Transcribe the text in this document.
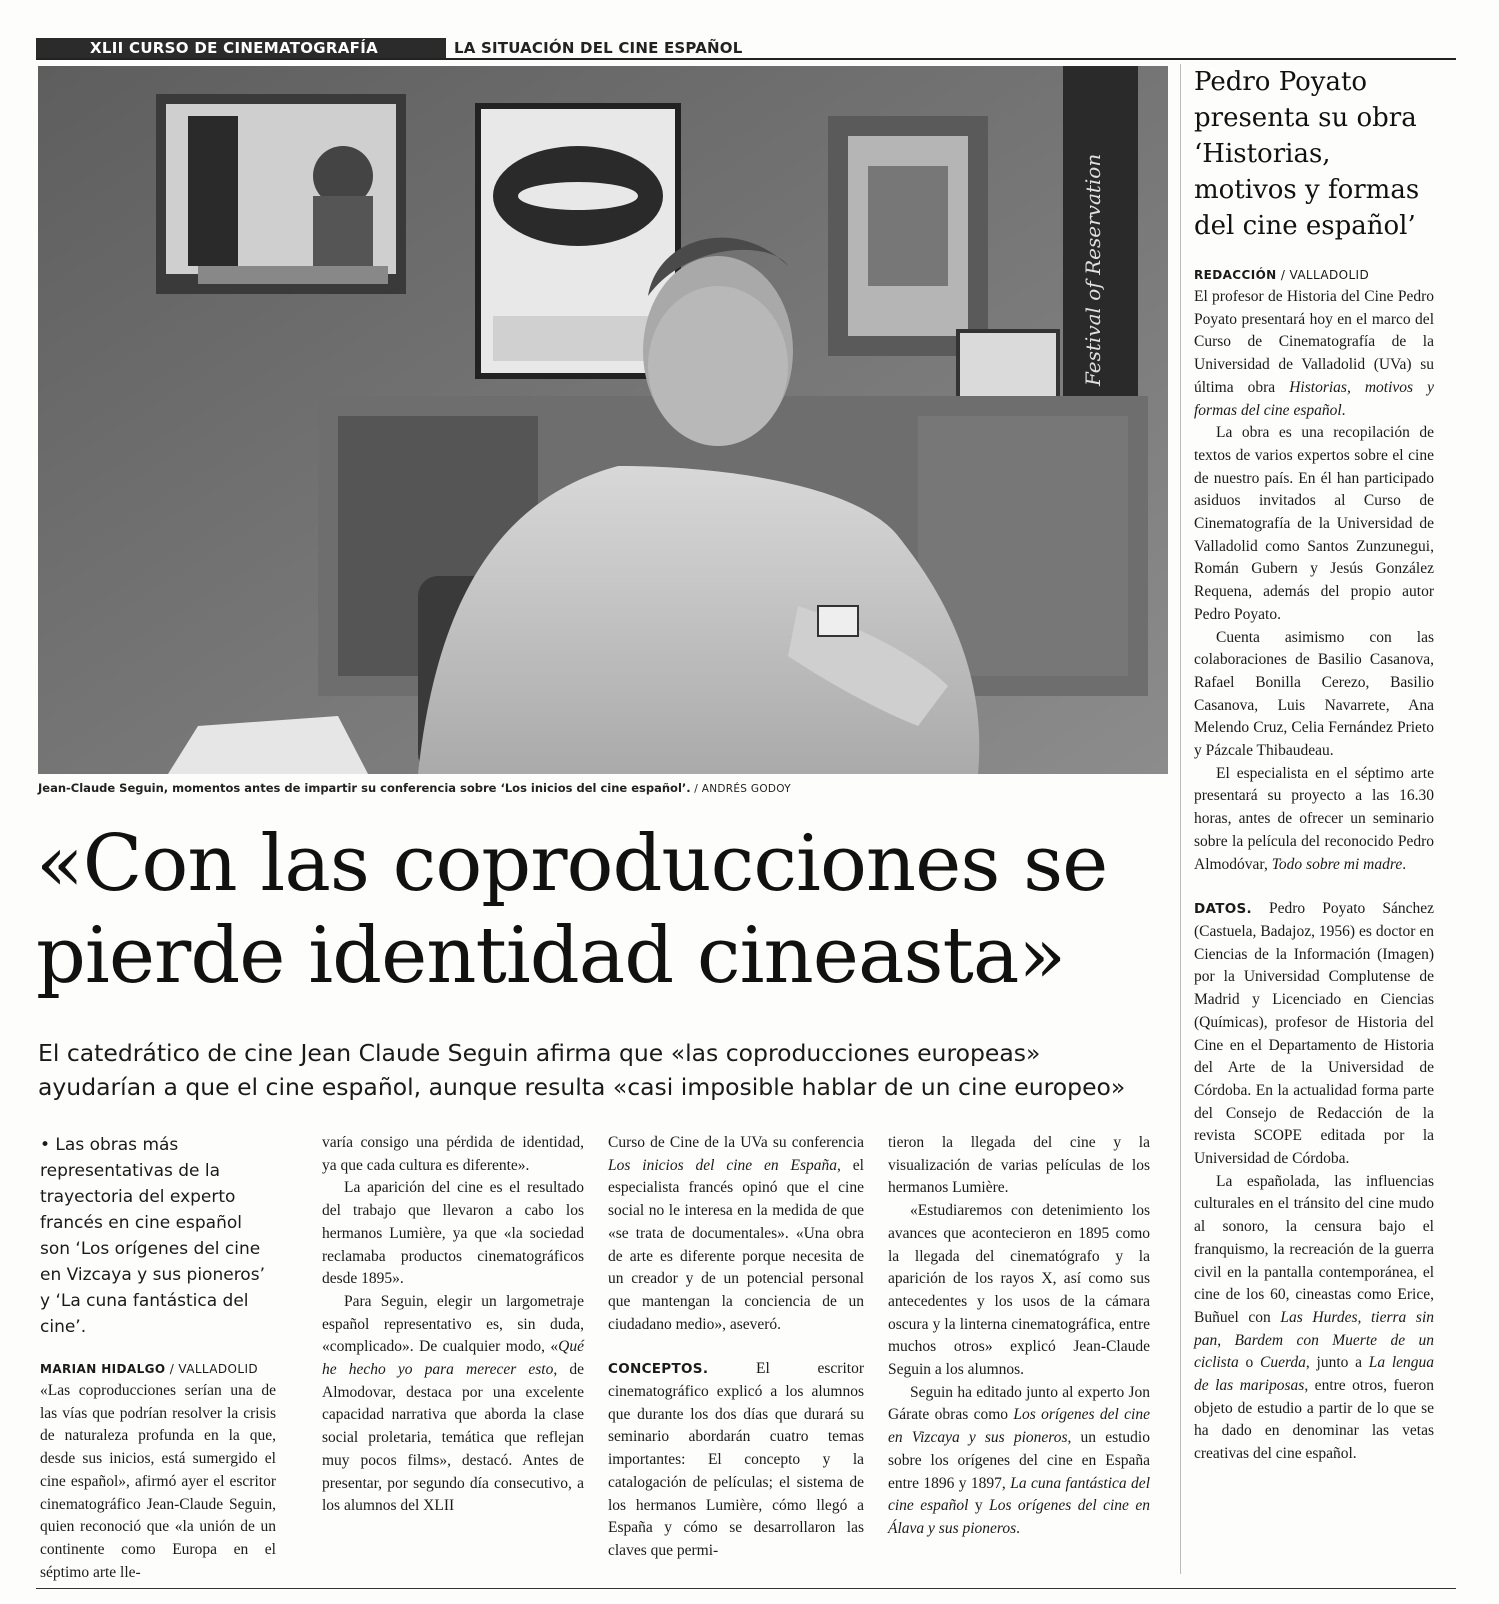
XLII CURSO DE CINEMATOGRAFÍA	LA SITUACIÓN DEL CINE ESPAÑOL
Festival of Reservation
Jean-Claude Seguin, momentos antes de impartir su conferencia sobre ‘Los inicios del cine español’. / ANDRÉS GODOY
«Con las coproducciones se
pierde identidad cineasta»

El catedrático de cine Jean Claude Seguin afirma que «las coproducciones europeas»
ayudarían a que el cine español, aunque resulta «casi imposible hablar de un cine europeo»

• Las obras más representativas de la trayectoria del experto francés en cine español son ‘Los orígenes del cine en Vizcaya y sus pioneros’ y ‘La cuna fantástica del cine’.

MARIAN HIDALGO / VALLADOLID

«Las coproducciones serían una de las vías que podrían resolver la crisis de naturaleza profunda en la que, desde sus inicios, está sumergido el cine español», afirmó ayer el escritor cinematográfico Jean-Claude Seguin, quien reconoció que «la unión de un continente como Europa en el séptimo arte lle-

varía consigo una pérdida de identidad, ya que cada cultura es diferente».

La aparición del cine es el resultado del trabajo que llevaron a cabo los hermanos Lumière, ya que «la sociedad reclamaba productos cinematográficos desde 1895».

Para Seguin, elegir un largometraje español representativo es, sin duda, «complicado». De cualquier modo, «Qué he hecho yo para merecer esto, de Almodovar, destaca por una excelente capacidad narrativa que aborda la clase social proletaria, temática que reflejan muy pocos films», destacó. Antes de presentar, por segundo día consecutivo, a los alumnos del XLII

Curso de Cine de la UVa su conferencia Los inicios del cine en España, el especialista francés opinó que el cine social no le interesa en la medida de que «se trata de documentales». «Una obra de arte es diferente porque necesita de un creador y de un potencial personal que mantengan la conciencia de un ciudadano medio», aseveró.

CONCEPTOS. El escritor cinematográfico explicó a los alumnos que durante los dos días que durará su seminario abordarán cuatro temas importantes: El concepto y la catalogación de películas; el sistema de los hermanos Lumière, cómo llegó a España y cómo se desarrollaron las claves que permi-

tieron la llegada del cine y la visualización de varias películas de los hermanos Lumière.

«Estudiaremos con detenimiento los avances que acontecieron en 1895 como la llegada del cinematógrafo y la aparición de los rayos X, así como sus antecedentes y los usos de la cámara oscura y la linterna cinematográfica, entre muchos otros» explicó Jean-Claude Seguin a los alumnos.

Seguin ha editado junto al experto Jon Gárate obras como Los orígenes del cine en Vizcaya y sus pioneros, un estudio sobre los orígenes del cine en España entre 1896 y 1897, La cuna fantástica del cine español y Los orígenes del cine en Álava y sus pioneros.

Pedro Poyato presenta su obra ‘Historias, motivos y formas del cine español’

REDACCIÓN / VALLADOLID

El profesor de Historia del Cine Pedro Poyato presentará hoy en el marco del Curso de Cinematografía de la Universidad de Valladolid (UVa) su última obra Historias, motivos y formas del cine español.

La obra es una recopilación de textos de varios expertos sobre el cine de nuestro país. En él han participado asiduos invitados al Curso de Cinematografía de la Universidad de Valladolid como Santos Zunzunegui, Román Gubern y Jesús González Requena, además del propio autor Pedro Poyato.

Cuenta asimismo con las colaboraciones de Basilio Casanova, Rafael Bonilla Cerezo, Basilio Casanova, Luis Navarrete, Ana Melendo Cruz, Celia Fernández Prieto y Pázcale Thibaudeau.

El especialista en el séptimo arte presentará su proyecto a las 16.30 horas, antes de ofrecer un seminario sobre la película del reconocido Pedro Almodóvar, Todo sobre mi madre.

DATOS. Pedro Poyato Sánchez (Castuela, Badajoz, 1956) es doctor en Ciencias de la Información (Imagen) por la Universidad Complutense de Madrid y Licenciado en Ciencias (Químicas), profesor de Historia del Cine en el Departamento de Historia del Arte de la Universidad de Córdoba. En la actualidad forma parte del Consejo de Redacción de la revista SCOPE editada por la Universidad de Córdoba.

La españolada, las influencias culturales en el tránsito del cine mudo al sonoro, la censura bajo el franquismo, la recreación de la guerra civil en la pantalla contemporánea, el cine de los 60, cineastas como Erice, Buñuel con Las Hurdes, tierra sin pan, Bardem con Muerte de un ciclista o Cuerda, junto a La lengua de las mariposas, entre otros, fueron objeto de estudio a partir de lo que se ha dado en denominar las vetas creativas del cine español.
